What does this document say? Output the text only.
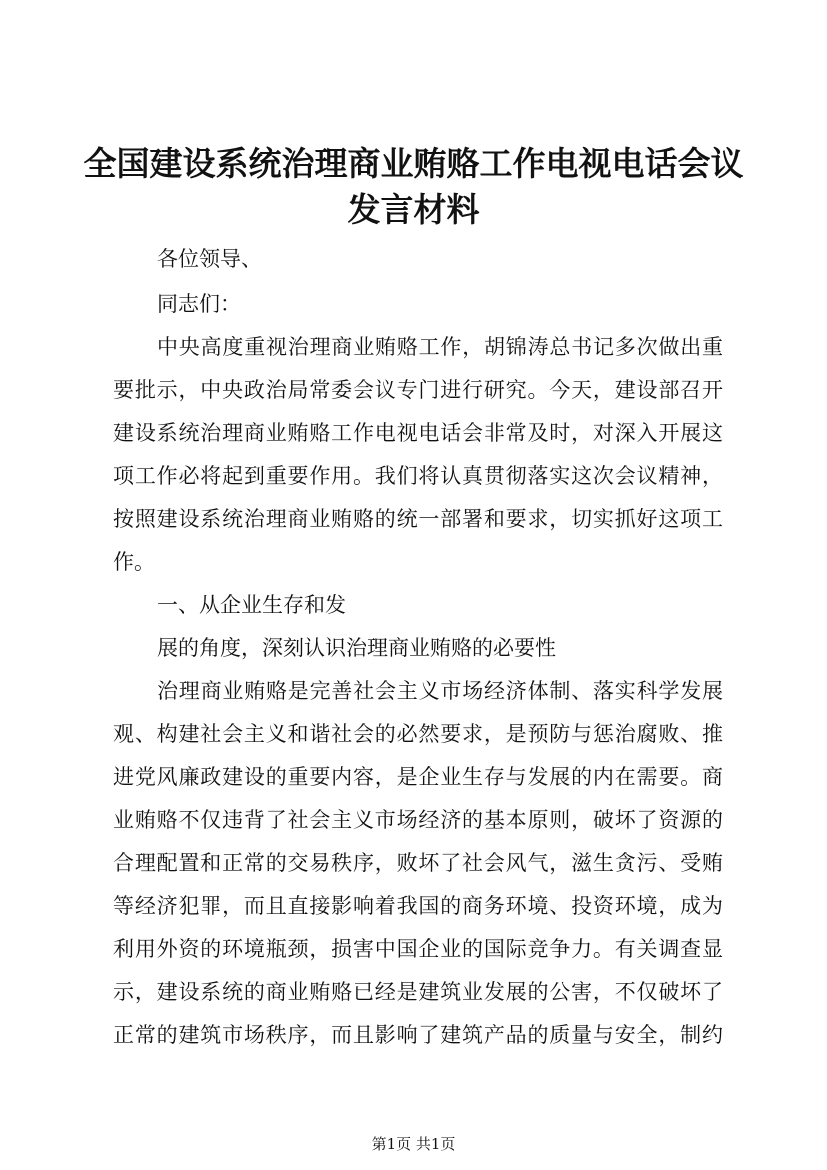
全国建设系统治理商业贿赂工作电视电话会议
发言材料
各位领导、
同志们：
中央高度重视治理商业贿赂工作，胡锦涛总书记多次做出重
要批示，中央政治局常委会议专门进行研究。今天，建设部召开
建设系统治理商业贿赂工作电视电话会非常及时，对深入开展这
项工作必将起到重要作用。我们将认真贯彻落实这次会议精神，
按照建设系统治理商业贿赂的统一部署和要求，切实抓好这项工
作。
一、从企业生存和发
展的角度，深刻认识治理商业贿赂的必要性
治理商业贿赂是完善社会主义市场经济体制、落实科学发展
观、构建社会主义和谐社会的必然要求，是预防与惩治腐败、推
进党风廉政建设的重要内容，是企业生存与发展的内在需要。商
业贿赂不仅违背了社会主义市场经济的基本原则，破坏了资源的
合理配置和正常的交易秩序，败坏了社会风气，滋生贪污、受贿
等经济犯罪，而且直接影响着我国的商务环境、投资环境，成为
利用外资的环境瓶颈，损害中国企业的国际竞争力。有关调查显
示，建设系统的商业贿赂已经是建筑业发展的公害，不仅破坏了
正常的建筑市场秩序，而且影响了建筑产品的质量与安全，制约
第1页 共1页
